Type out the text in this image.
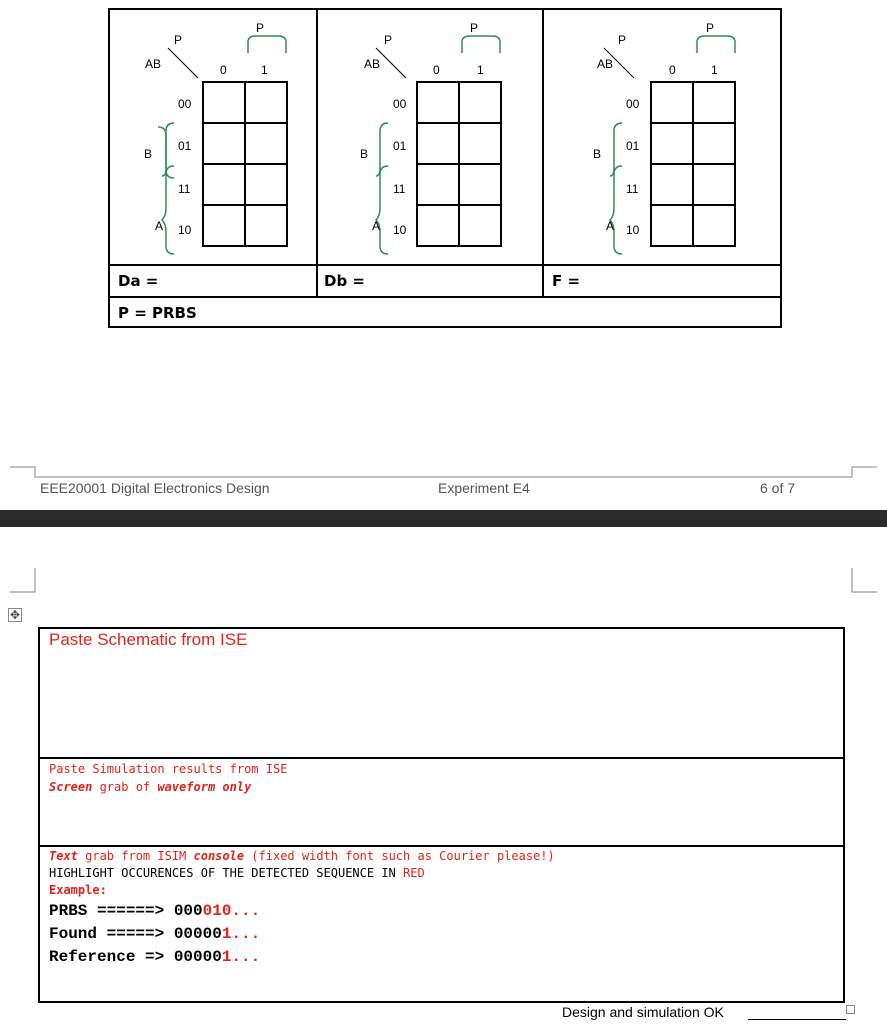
P
P
AB	0	1
00
01
11
10
B
A

P
P
AB	0	1
00
01
11
10
B
A

P
P
AB	0	1
00
01
11
10
B
A

Da =	Db =	F =
P = PRBS
EEE20001 Digital Electronics Design	Experiment E4	6 of 7
✥
Paste Schematic from ISE
Paste Simulation results from ISE
Screen grab of waveform only
Text grab from ISIM console (fixed width font such as Courier please!)
HIGHLIGHT OCCURENCES OF THE DETECTED SEQUENCE IN RED
Example:
PRBS ======> 000010...
Found =====> 000001...
Reference => 000001...
Design and simulation OK
